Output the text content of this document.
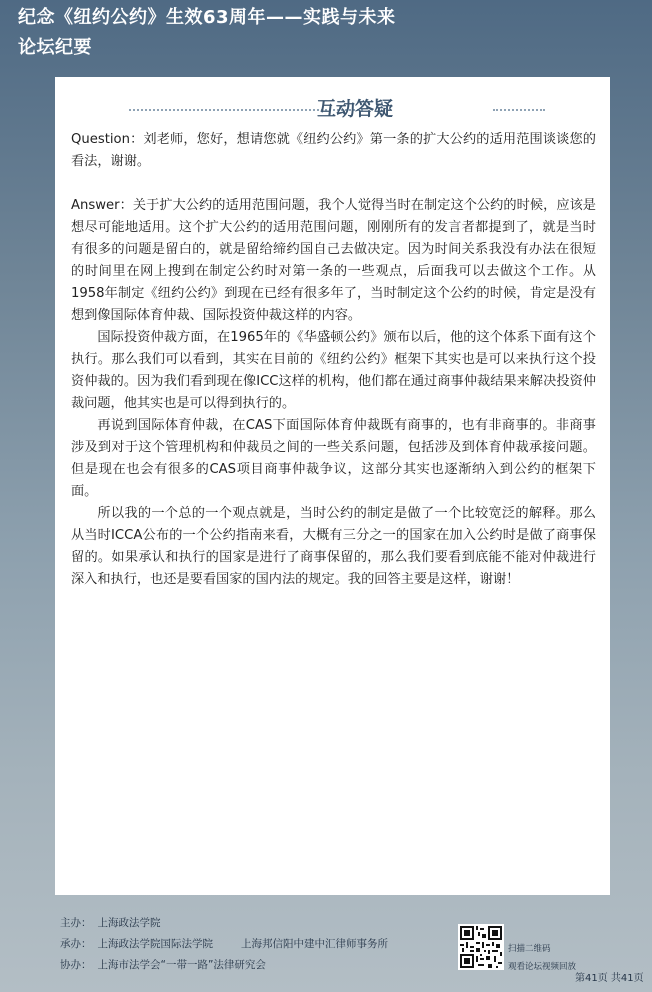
纪念《纽约公约》生效63周年——实践与未来
论坛纪要
互动答疑

Question：刘老师，您好，想请您就《纽约公约》第一条的扩大公约的适用范围谈谈您的看法，谢谢。

Answer：关于扩大公约的适用范围问题，我个人觉得当时在制定这个公约的时候，应该是想尽可能地适用。这个扩大公约的适用范围问题，刚刚所有的发言者都提到了，就是当时有很多的问题是留白的，就是留给缔约国自己去做决定。因为时间关系我没有办法在很短的时间里在网上搜到在制定公约时对第一条的一些观点，后面我可以去做这个工作。从1958年制定《纽约公约》到现在已经有很多年了，当时制定这个公约的时候，肯定是没有想到像国际体育仲裁、国际投资仲裁这样的内容。

国际投资仲裁方面，在1965年的《华盛顿公约》颁布以后，他的这个体系下面有这个执行。那么我们可以看到，其实在目前的《纽约公约》框架下其实也是可以来执行这个投资仲裁的。因为我们看到现在像ICC这样的机构，他们都在通过商事仲裁结果来解决投资仲裁问题，他其实也是可以得到执行的。

再说到国际体育仲裁，在CAS下面国际体育仲裁既有商事的，也有非商事的。非商事涉及到对于这个管理机构和仲裁员之间的一些关系问题，包括涉及到体育仲裁承接问题。但是现在也会有很多的CAS项目商事仲裁争议，这部分其实也逐渐纳入到公约的框架下面。

所以我的一个总的一个观点就是，当时公约的制定是做了一个比较宽泛的解释。那么从当时ICCA公布的一个公约指南来看，大概有三分之一的国家在加入公约时是做了商事保留的。如果承认和执行的国家是进行了商事保留的，那么我们要看到底能不能对仲裁进行深入和执行，也还是要看国家的国内法的规定。我的回答主要是这样，谢谢！

主办： 上海政法学院
承办： 上海政法学院国际法学院	上海邦信阳中建中汇律师事务所
协办： 上海市法学会“一带一路”法律研究会
扫描二维码
观看论坛视频回放
第41页 共41页
